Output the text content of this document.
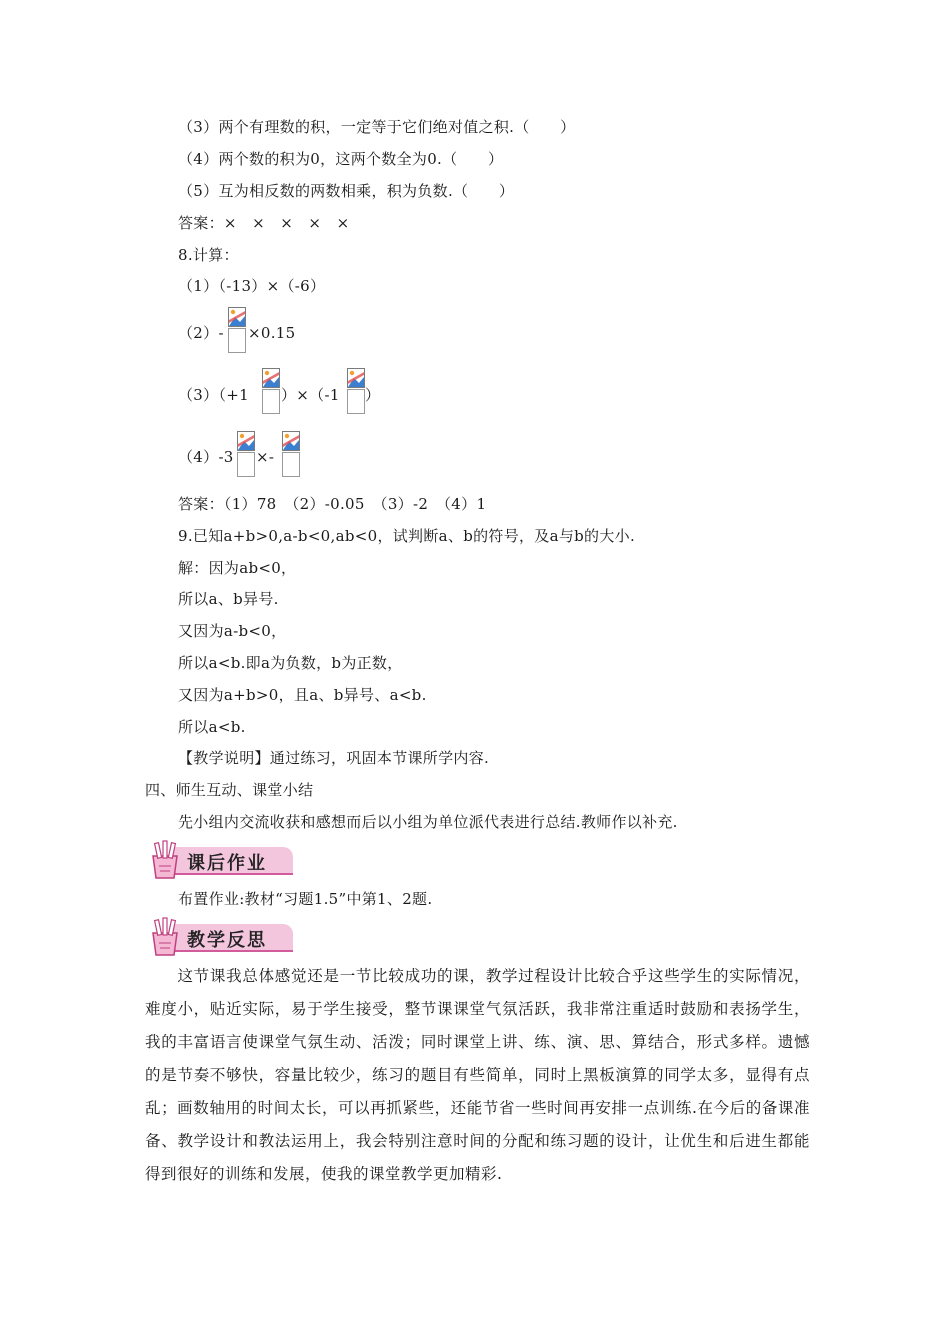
（3）两个有理数的积，一定等于它们绝对值之积.（　　）
（4）两个数的积为0，这两个数全为0.（　　）
（5）互为相反数的两数相乘，积为负数.（　　）
答案：×　×　×　×　×
8.计算：
（1）（-13）×（-6）
（2）- ×0.15
（3）（+1 ）×（-1 ）
（4）-3 ×-
答案：（1）78　（2）-0.05　（3）-2　（4）1
9.已知a+b>0,a-b<0,ab<0，试判断a、b的符号，及a与b的大小.
解：因为ab<0，
所以a、b异号.
又因为a-b<0，
所以a<b.即a为负数，b为正数，
又因为a+b>0，且a、b异号、a<b.
所以a<b.
【教学说明】通过练习，巩固本节课所学内容.
四、师生互动、课堂小结
先小组内交流收获和感想而后以小组为单位派代表进行总结.教师作以补充.
课后作业
布置作业:教材“习题1.5”中第1、2题.
教学反思
　　这节课我总体感觉还是一节比较成功的课，教学过程设计比较合乎这些学生的实际情况，难度小，贴近实际，易于学生接受，整节课课堂气氛活跃，我非常注重适时鼓励和表扬学生，我的丰富语言使课堂气氛生动、活泼；同时课堂上讲、练、演、思、算结合，形式多样。遗憾的是节奏不够快，容量比较少，练习的题目有些简单，同时上黑板演算的同学太多，显得有点乱；画数轴用的时间太长，可以再抓紧些，还能节省一些时间再安排一点训练.在今后的备课准备、教学设计和教法运用上，我会特别注意时间的分配和练习题的设计，让优生和后进生都能得到很好的训练和发展，使我的课堂教学更加精彩.
